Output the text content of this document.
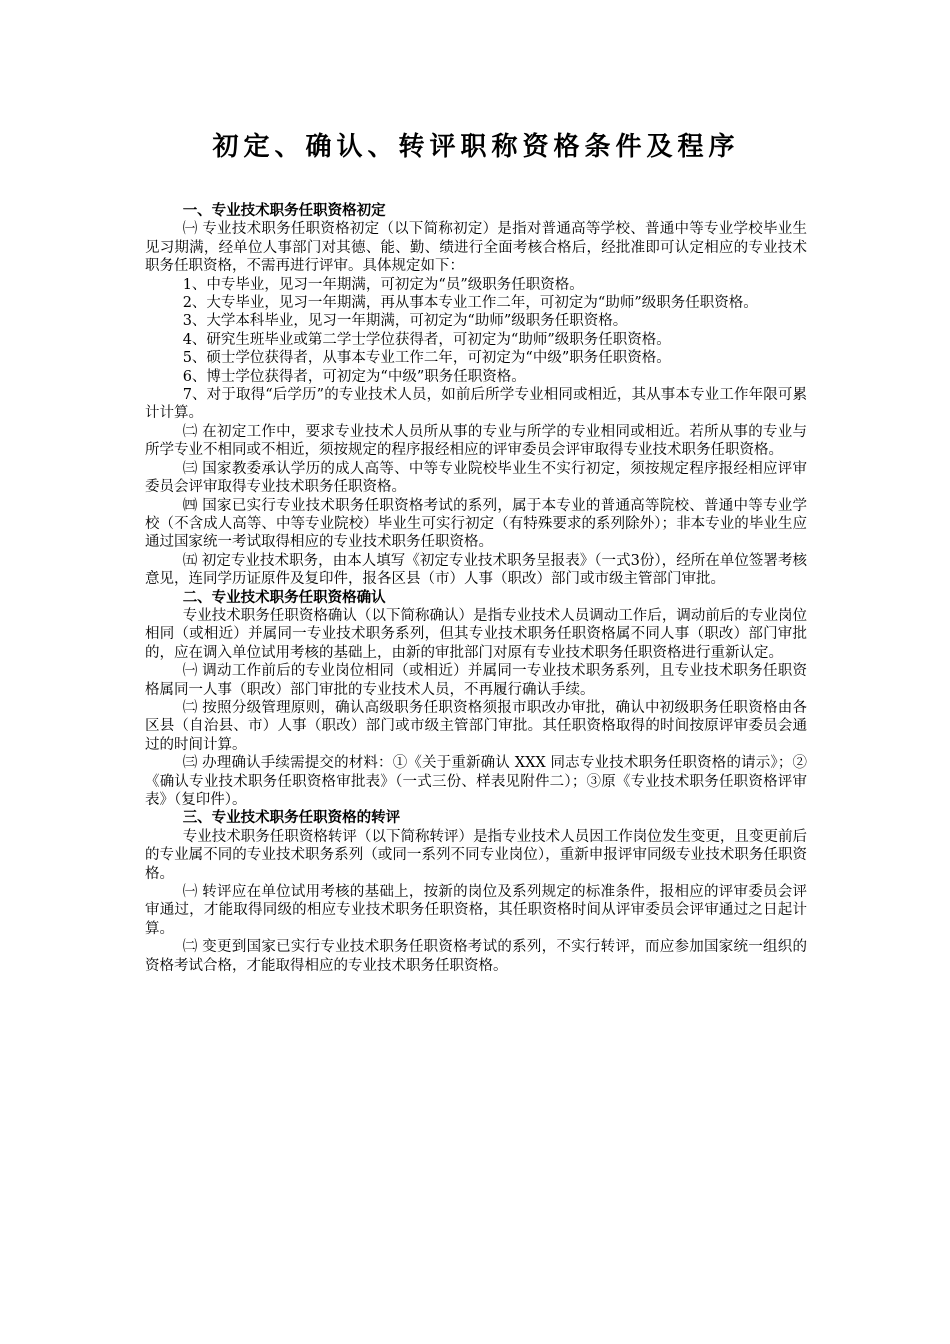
初定、确认、转评职称资格条件及程序
一、专业技术职务任职资格初定

㈠ 专业技术职务任职资格初定（以下简称初定）是指对普通高等学校、普通中等专业学校毕业生见习期满，经单位人事部门对其德、能、勤、绩进行全面考核合格后，经批准即可认定相应的专业技术职务任职资格，不需再进行评审。具体规定如下：

1、中专毕业，见习一年期满，可初定为“员”级职务任职资格。

2、大专毕业，见习一年期满，再从事本专业工作二年，可初定为“助师”级职务任职资格。

3、大学本科毕业，见习一年期满，可初定为“助师”级职务任职资格。

4、研究生班毕业或第二学士学位获得者，可初定为“助师”级职务任职资格。

5、硕士学位获得者，从事本专业工作二年，可初定为“中级”职务任职资格。

6、博士学位获得者，可初定为“中级”职务任职资格。

7、对于取得“后学历”的专业技术人员，如前后所学专业相同或相近，其从事本专业工作年限可累计计算。

㈡ 在初定工作中，要求专业技术人员所从事的专业与所学的专业相同或相近。若所从事的专业与所学专业不相同或不相近，须按规定的程序报经相应的评审委员会评审取得专业技术职务任职资格。

㈢ 国家教委承认学历的成人高等、中等专业院校毕业生不实行初定，须按规定程序报经相应评审委员会评审取得专业技术职务任职资格。

㈣ 国家已实行专业技术职务任职资格考试的系列，属于本专业的普通高等院校、普通中等专业学校（不含成人高等、中等专业院校）毕业生可实行初定（有特殊要求的系列除外）；非本专业的毕业生应通过国家统一考试取得相应的专业技术职务任职资格。

㈤ 初定专业技术职务，由本人填写《初定专业技术职务呈报表》（一式3份），经所在单位签署考核意见，连同学历证原件及复印件，报各区县（市）人事（职改）部门或市级主管部门审批。

二、专业技术职务任职资格确认

专业技术职务任职资格确认（以下简称确认）是指专业技术人员调动工作后，调动前后的专业岗位相同（或相近）并属同一专业技术职务系列，但其专业技术职务任职资格属不同人事（职改）部门审批的，应在调入单位试用考核的基础上，由新的审批部门对原有专业技术职务任职资格进行重新认定。

㈠ 调动工作前后的专业岗位相同（或相近）并属同一专业技术职务系列，且专业技术职务任职资格属同一人事（职改）部门审批的专业技术人员，不再履行确认手续。

㈡ 按照分级管理原则，确认高级职务任职资格须报市职改办审批，确认中初级职务任职资格由各区县（自治县、市）人事（职改）部门或市级主管部门审批。其任职资格取得的时间按原评审委员会通过的时间计算。

㈢ 办理确认手续需提交的材料：①《关于重新确认 XXX 同志专业技术职务任职资格的请示》；②《确认专业技术职务任职资格审批表》（一式三份、样表见附件二）；③原《专业技术职务任职资格评审表》（复印件）。

三、专业技术职务任职资格的转评

专业技术职务任职资格转评（以下简称转评）是指专业技术人员因工作岗位发生变更，且变更前后的专业属不同的专业技术职务系列（或同一系列不同专业岗位），重新申报评审同级专业技术职务任职资格。

㈠ 转评应在单位试用考核的基础上，按新的岗位及系列规定的标准条件，报相应的评审委员会评审通过，才能取得同级的相应专业技术职务任职资格，其任职资格时间从评审委员会评审通过之日起计算。

㈡ 变更到国家已实行专业技术职务任职资格考试的系列，不实行转评，而应参加国家统一组织的资格考试合格，才能取得相应的专业技术职务任职资格。
